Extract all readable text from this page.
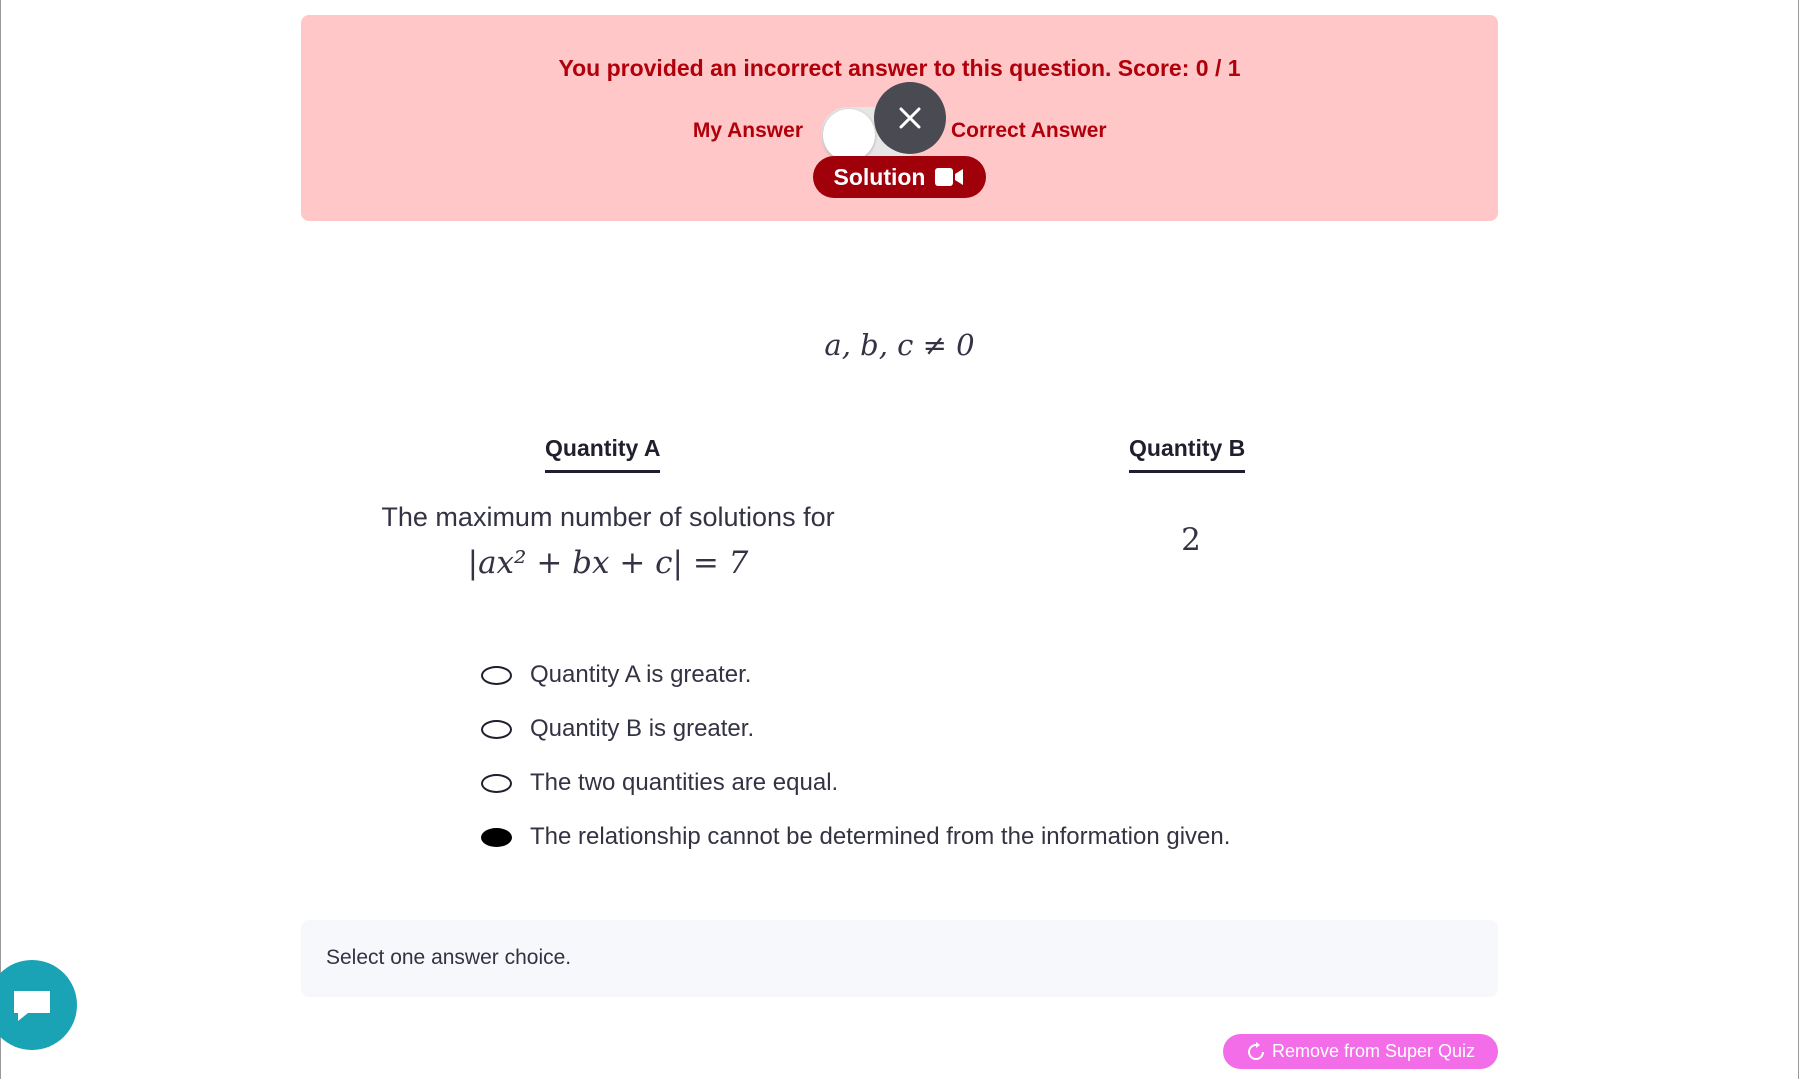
You provided an incorrect answer to this question. Score: 0 / 1
My Answer	Correct Answer
Solution
a, b, c ≠ 0
Quantity A	Quantity B
The maximum number of solutions for
|ax² + bx + c| = 7
2
Quantity A is greater.
Quantity B is greater.
The two quantities are equal.
The relationship cannot be determined from the information given.
Select one answer choice.
Remove from Super Quiz
